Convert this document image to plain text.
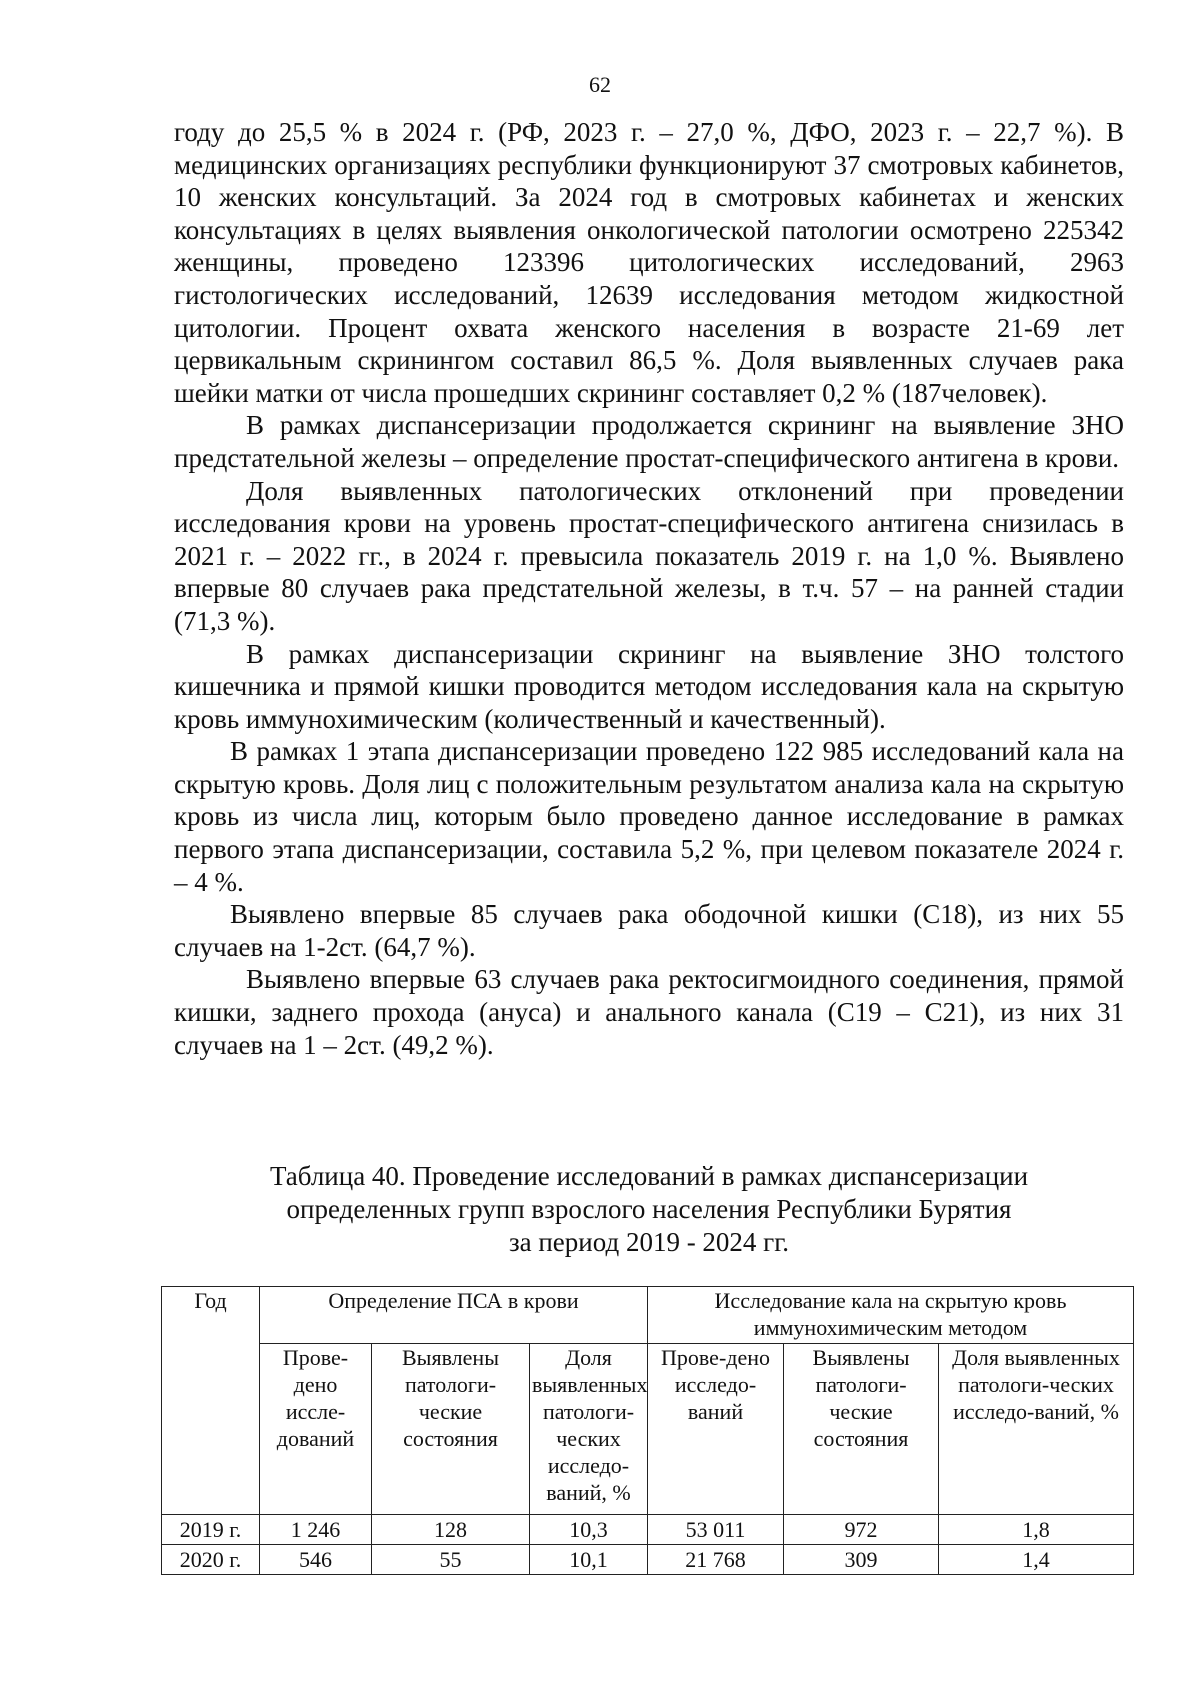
62

году до 25,5 % в 2024 г. (РФ, 2023 г. – 27,0 %, ДФО, 2023 г. – 22,7 %). В медицинских организациях республики функционируют 37 смотровых кабинетов, 10 женских консультаций. За 2024 год в смотровых кабинетах и женских консультациях в целях выявления онкологической патологии осмотрено 225342 женщины, проведено 123396 цитологических исследований, 2963 гистологических исследований, 12639 исследования методом жидкостной цитологии. Процент охвата женского населения в возрасте 21-69 лет цервикальным скринингом составил 86,5 %. Доля выявленных случаев рака шейки матки от числа прошедших скрининг составляет 0,2 % (187человек).

В рамках диспансеризации продолжается скрининг на выявление ЗНО предстательной железы – определение простат-специфического антигена в крови.

Доля выявленных патологических отклонений при проведении исследования крови на уровень простат-специфического антигена снизилась в 2021 г. – 2022 гг., в 2024 г. превысила показатель 2019 г. на 1,0 %. Выявлено впервые 80 случаев рака предстательной железы, в т.ч. 57 – на ранней стадии (71,3 %).

В рамках диспансеризации скрининг на выявление ЗНО толстого кишечника и прямой кишки проводится методом исследования кала на скрытую кровь иммунохимическим (количественный и качественный).

В рамках 1 этапа диспансеризации проведено 122 985 исследований кала на скрытую кровь. Доля лиц с положительным результатом анализа кала на скрытую кровь из числа лиц, которым было проведено данное исследование в рамках первого этапа диспансеризации, составила 5,2 %, при целевом показателе 2024 г. – 4 %.

Выявлено впервые 85 случаев рака ободочной кишки (С18), из них 55 случаев на 1-2ст. (64,7 %).

Выявлено впервые 63 случаев рака ректосигмоидного соединения, прямой кишки, заднего прохода (ануса) и анального канала (С19 – С21), из них 31 случаев на 1 – 2ст. (49,2 %).

Таблица 40. Проведение исследований в рамках диспансеризации
определенных групп взрослого населения Республики Бурятия
за период 2019 - 2024 гг.
Год	Определение ПСА в крови			Исследование кала на скрытую кровь иммунохимическим методом		
	Прове-дено иссле-дований	Выявлены патологи-ческие состояния	Доля выявленных патологи-ческих исследо-ваний, %	Прове-дено исследо-ваний	Выявлены патологи-ческие состояния	Доля выявленных патологи-ческих исследо-ваний, %
2019 г.	1 246	128	10,3	53 011	972	1,8
2020 г.	546	55	10,1	21 768	309	1,4
